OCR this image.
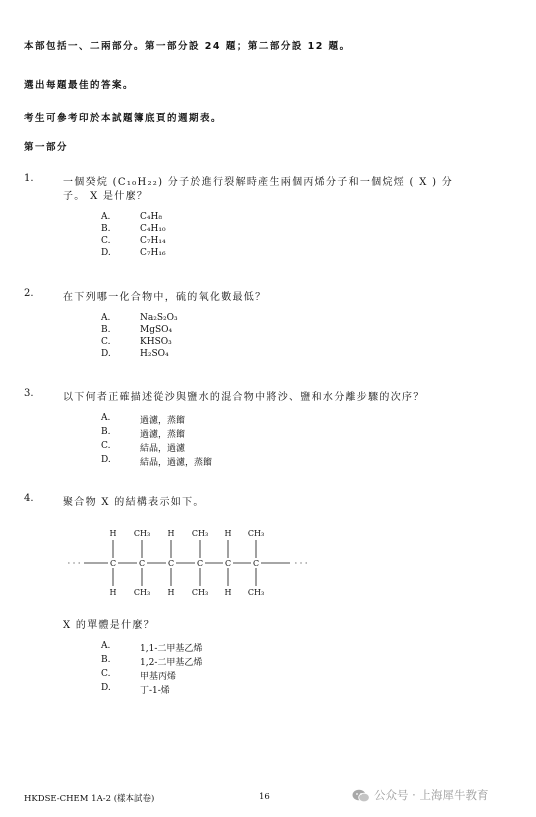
本部包括一、二兩部分。第一部分設 24 題；第二部分設 12 題。
選出每題最佳的答案。
考生可參考印於本試題簿底頁的週期表。
第一部分
1.	一個癸烷 (C₁₀H₂₂) 分子於進行裂解時產生兩個丙烯分子和一個烷烴 ( X ) 分
子。 X 是什麼？
A.	C₄H₈
B.	C₄H₁₀
C.	C₇H₁₄
D.	C₇H₁₆
2.	在下列哪一化合物中，硫的氧化數最低？
A.	Na₂S₂O₃
B.	MgSO₄
C.	KHSO₃
D.	H₂SO₄
3.	以下何者正確描述從沙與鹽水的混合物中將沙、鹽和水分離步驟的次序？
A.	過濾，蒸餾
B.	過濾，蒸餾
C.	結晶，過濾
D.	結晶，過濾，蒸餾
4.	聚合物 X 的結構表示如下。
· · ·	· · ·
H CH₃ H CH₃ H CH₃
C	C	C	C	C	C
H CH₃ H CH₃ H CH₃
X 的單體是什麼？
A.	1,1-二甲基乙烯
B.	1,2-二甲基乙烯
C.	甲基丙烯
D.	丁-1-烯
HKDSE-CHEM 1A-2 (樣本試卷)	16	公众号 · 上海犀牛教育
